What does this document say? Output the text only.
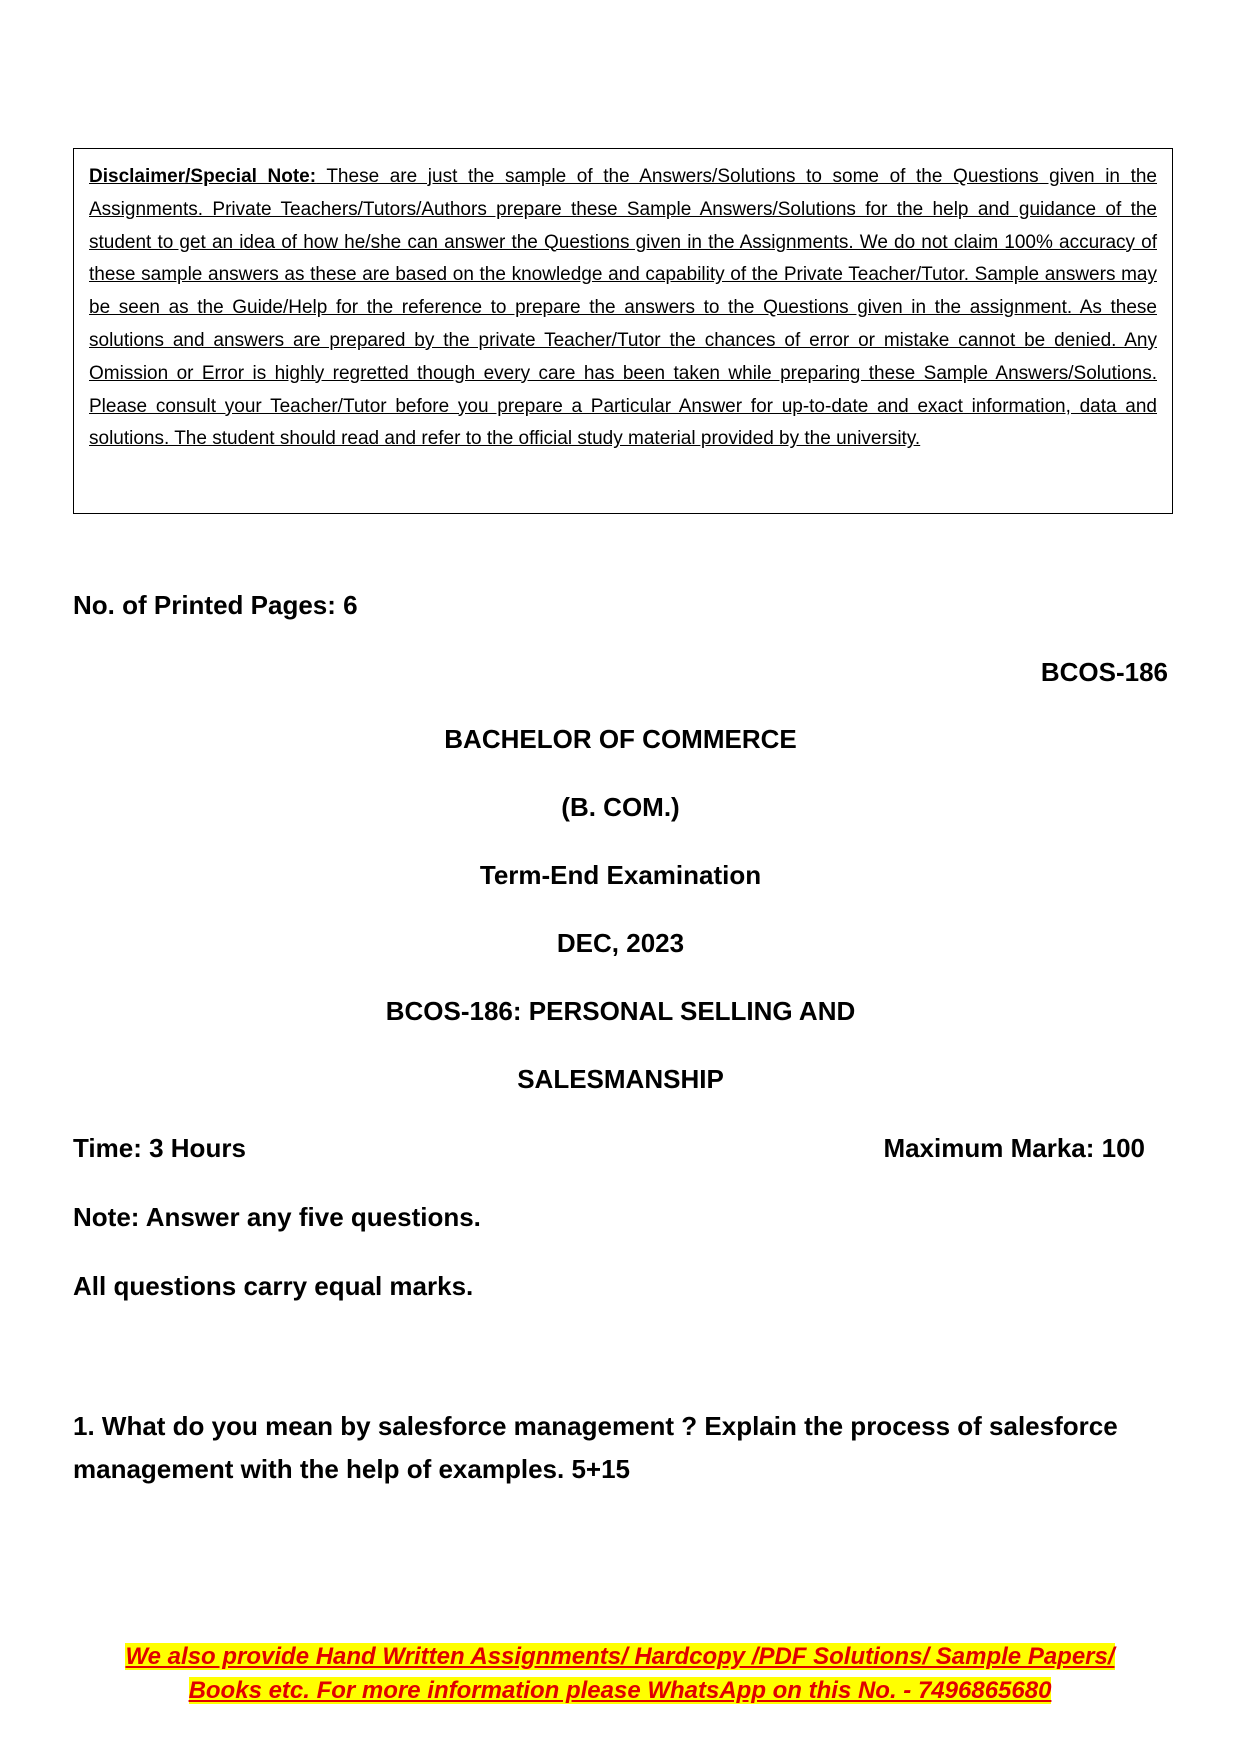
Disclaimer/Special Note: These are just the sample of the Answers/Solutions to some of the Questions given in the Assignments. Private Teachers/Tutors/Authors prepare these Sample Answers/Solutions for the help and guidance of the student to get an idea of how he/she can answer the Questions given in the Assignments. We do not claim 100% accuracy of these sample answers as these are based on the knowledge and capability of the Private Teacher/Tutor. Sample answers may be seen as the Guide/Help for the reference to prepare the answers to the Questions given in the assignment. As these solutions and answers are prepared by the private Teacher/Tutor the chances of error or mistake cannot be denied. Any Omission or Error is highly regretted though every care has been taken while preparing these Sample Answers/Solutions. Please consult your Teacher/Tutor before you prepare a Particular Answer for up-to-date and exact information, data and solutions. The student should read and refer to the official study material provided by the university.

No. of Printed Pages: 6
BCOS-186
BACHELOR OF COMMERCE
(B. COM.)
Term-End Examination
DEC, 2023
BCOS-186: PERSONAL SELLING AND
SALESMANSHIP
Time: 3 Hours	Maximum Marka: 100
Note: Answer any five questions.
All questions carry equal marks.

1. What do you mean by salesforce management ? Explain the process of salesforce management with the help of examples. 5+15

We also provide Hand Written Assignments/ Hardcopy /PDF Solutions/ Sample Papers/
Books etc. For more information please WhatsApp on this No. - 7496865680
